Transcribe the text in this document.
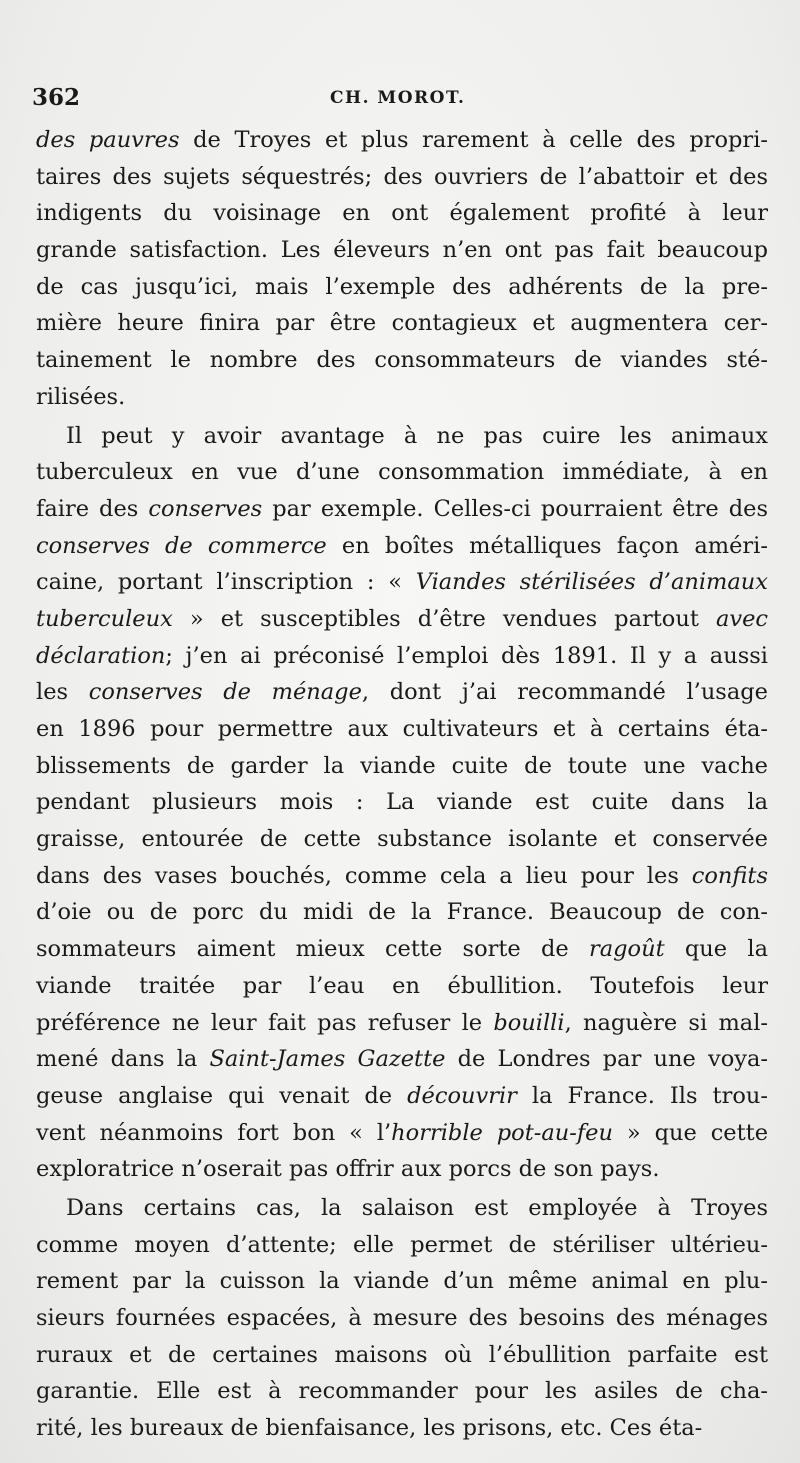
362	CH. MOROT.
des pauvres de Troyes et plus rarement à celle des propri-
taires des sujets séquestrés; des ouvriers de l’abattoir et des
indigents du voisinage en ont également profité à leur
grande satisfaction. Les éleveurs n’en ont pas fait beaucoup
de cas jusqu’ici, mais l’exemple des adhérents de la pre-
mière heure finira par être contagieux et augmentera cer-
tainement le nombre des consommateurs de viandes sté-
rilisées.
Il peut y avoir avantage à ne pas cuire les animaux
tuberculeux en vue d’une consommation immédiate, à en
faire des conserves par exemple. Celles-ci pourraient être des
conserves de commerce en boîtes métalliques façon améri-
caine, portant l’inscription : « Viandes stérilisées d’animaux
tuberculeux » et susceptibles d’être vendues partout avec
déclaration; j’en ai préconisé l’emploi dès 1891. Il y a aussi
les conserves de ménage, dont j’ai recommandé l’usage
en 1896 pour permettre aux cultivateurs et à certains éta-
blissements de garder la viande cuite de toute une vache
pendant plusieurs mois : La viande est cuite dans la
graisse, entourée de cette substance isolante et conservée
dans des vases bouchés, comme cela a lieu pour les confits
d’oie ou de porc du midi de la France. Beaucoup de con-
sommateurs aiment mieux cette sorte de ragoût que la
viande traitée par l’eau en ébullition. Toutefois leur
préférence ne leur fait pas refuser le bouilli, naguère si mal-
mené dans la Saint-James Gazette de Londres par une voya-
geuse anglaise qui venait de découvrir la France. Ils trou-
vent néanmoins fort bon « l’horrible pot-au-feu » que cette
exploratrice n’oserait pas offrir aux porcs de son pays.
Dans certains cas, la salaison est employée à Troyes
comme moyen d’attente; elle permet de stériliser ultérieu-
rement par la cuisson la viande d’un même animal en plu-
sieurs fournées espacées, à mesure des besoins des ménages
ruraux et de certaines maisons où l’ébullition parfaite est
garantie. Elle est à recommander pour les asiles de cha-
rité, les bureaux de bienfaisance, les prisons, etc. Ces éta-
